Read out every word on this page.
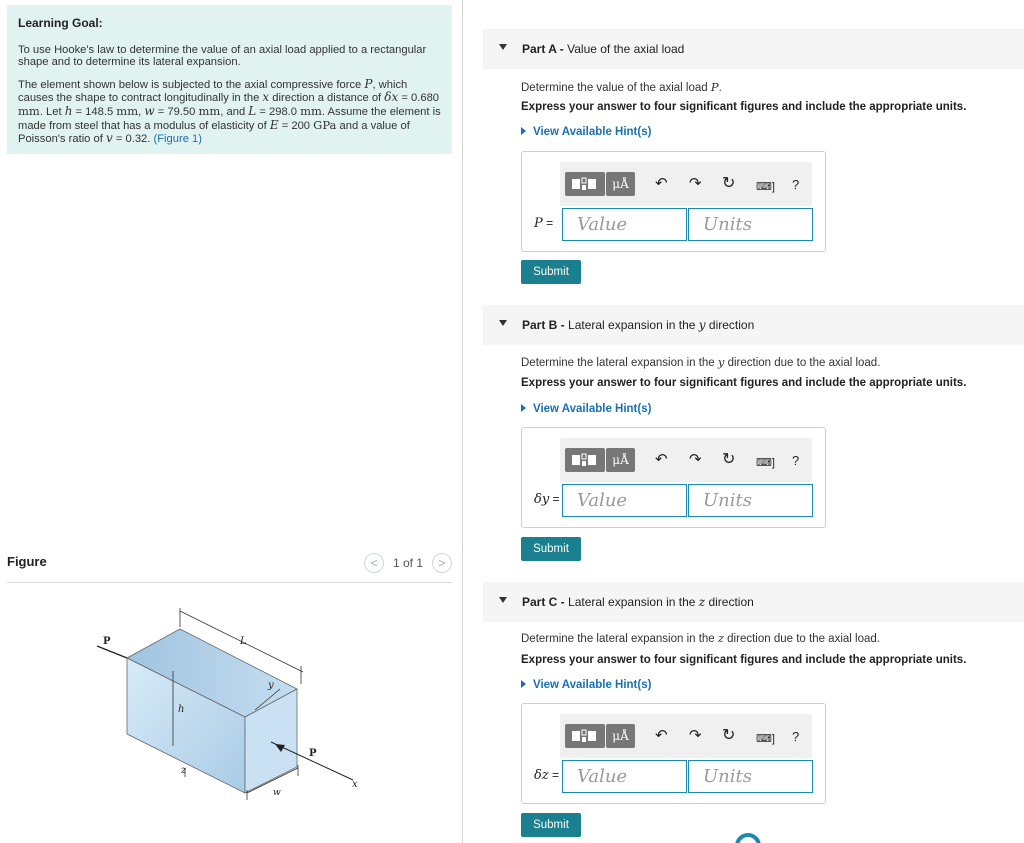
Learning Goal:

To use Hooke's law to determine the value of an axial load applied to a rectangular shape and to determine its lateral expansion.

The element shown below is subjected to the axial compressive force P, which causes the shape to contract longitudinally in the x direction a distance of δx = 0.680 mm. Let h = 148.5 mm, w = 79.50 mm, and L = 298.0 mm. Assume the element is made from steel that has a modulus of elasticity of E = 200 GPa and a value of Poisson's ratio of v = 0.32. (Figure 1)

Figure	<	1 of 1	>
P	L
y
h
z
P
x
w
Part A - Value of the axial load
Determine the value of the axial load P.
Express your answer to four significant figures and include the appropriate units.
View Available Hint(s)
μÅ	↶ ↷ ↻ ⌨] ?
P =	Value	Units
Submit
Part B - Lateral expansion in the y direction
Determine the lateral expansion in the y direction due to the axial load.
Express your answer to four significant figures and include the appropriate units.
View Available Hint(s)
μÅ	↶ ↷ ↻ ⌨] ?
δy = Value	Units
Submit
Part C - Lateral expansion in the z direction
Determine the lateral expansion in the z direction due to the axial load.
Express your answer to four significant figures and include the appropriate units.
View Available Hint(s)
μÅ	↶ ↷ ↻ ⌨] ?
δz = Value	Units
Submit
